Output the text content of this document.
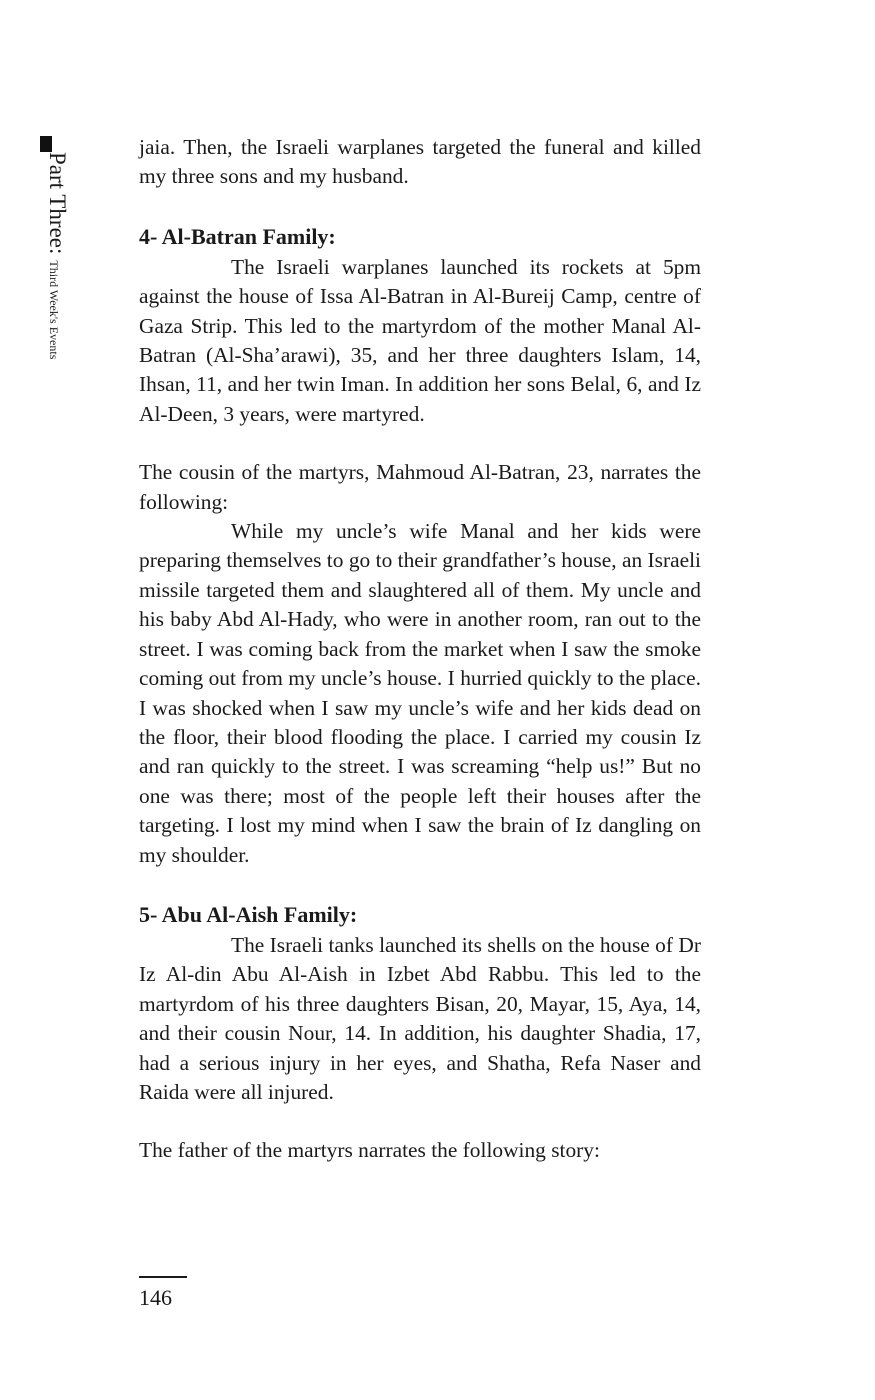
Part Three: Third Week's Events

jaia. Then, the Israeli warplanes targeted the funeral and killed my three sons and my husband.

4- Al-Batran Family:

The Israeli warplanes launched its rockets at 5pm against the house of Issa Al-Batran in Al-Bureij Camp, centre of Gaza Strip. This led to the martyrdom of the mother Manal Al-Batran (Al-Sha’arawi), 35, and her three daughters Islam, 14, Ihsan, 11, and her twin Iman. In addition her sons Belal, 6, and Iz Al-Deen, 3 years, were martyred.

The cousin of the martyrs, Mahmoud Al-Batran, 23, narrates the following:

While my uncle’s wife Manal and her kids were preparing themselves to go to their grandfather’s house, an Israeli missile targeted them and slaughtered all of them. My uncle and his baby Abd Al-Hady, who were in another room, ran out to the street. I was coming back from the market when I saw the smoke coming out from my uncle’s house. I hurried quickly to the place. I was shocked when I saw my uncle’s wife and her kids dead on the floor, their blood flooding the place. I carried my cousin Iz and ran quickly to the street. I was screaming “help us!” But no one was there; most of the people left their houses after the targeting. I lost my mind when I saw the brain of Iz dangling on my shoulder.

5- Abu Al-Aish Family:

The Israeli tanks launched its shells on the house of Dr Iz Al-din Abu Al-Aish in Izbet Abd Rabbu. This led to the martyrdom of his three daughters Bisan, 20, Mayar, 15, Aya, 14, and their cousin Nour, 14. In addition, his daughter Shadia, 17, had a serious injury in her eyes, and Shatha, Refa Naser and Raida were all injured.

The father of the martyrs narrates the following story:

146
